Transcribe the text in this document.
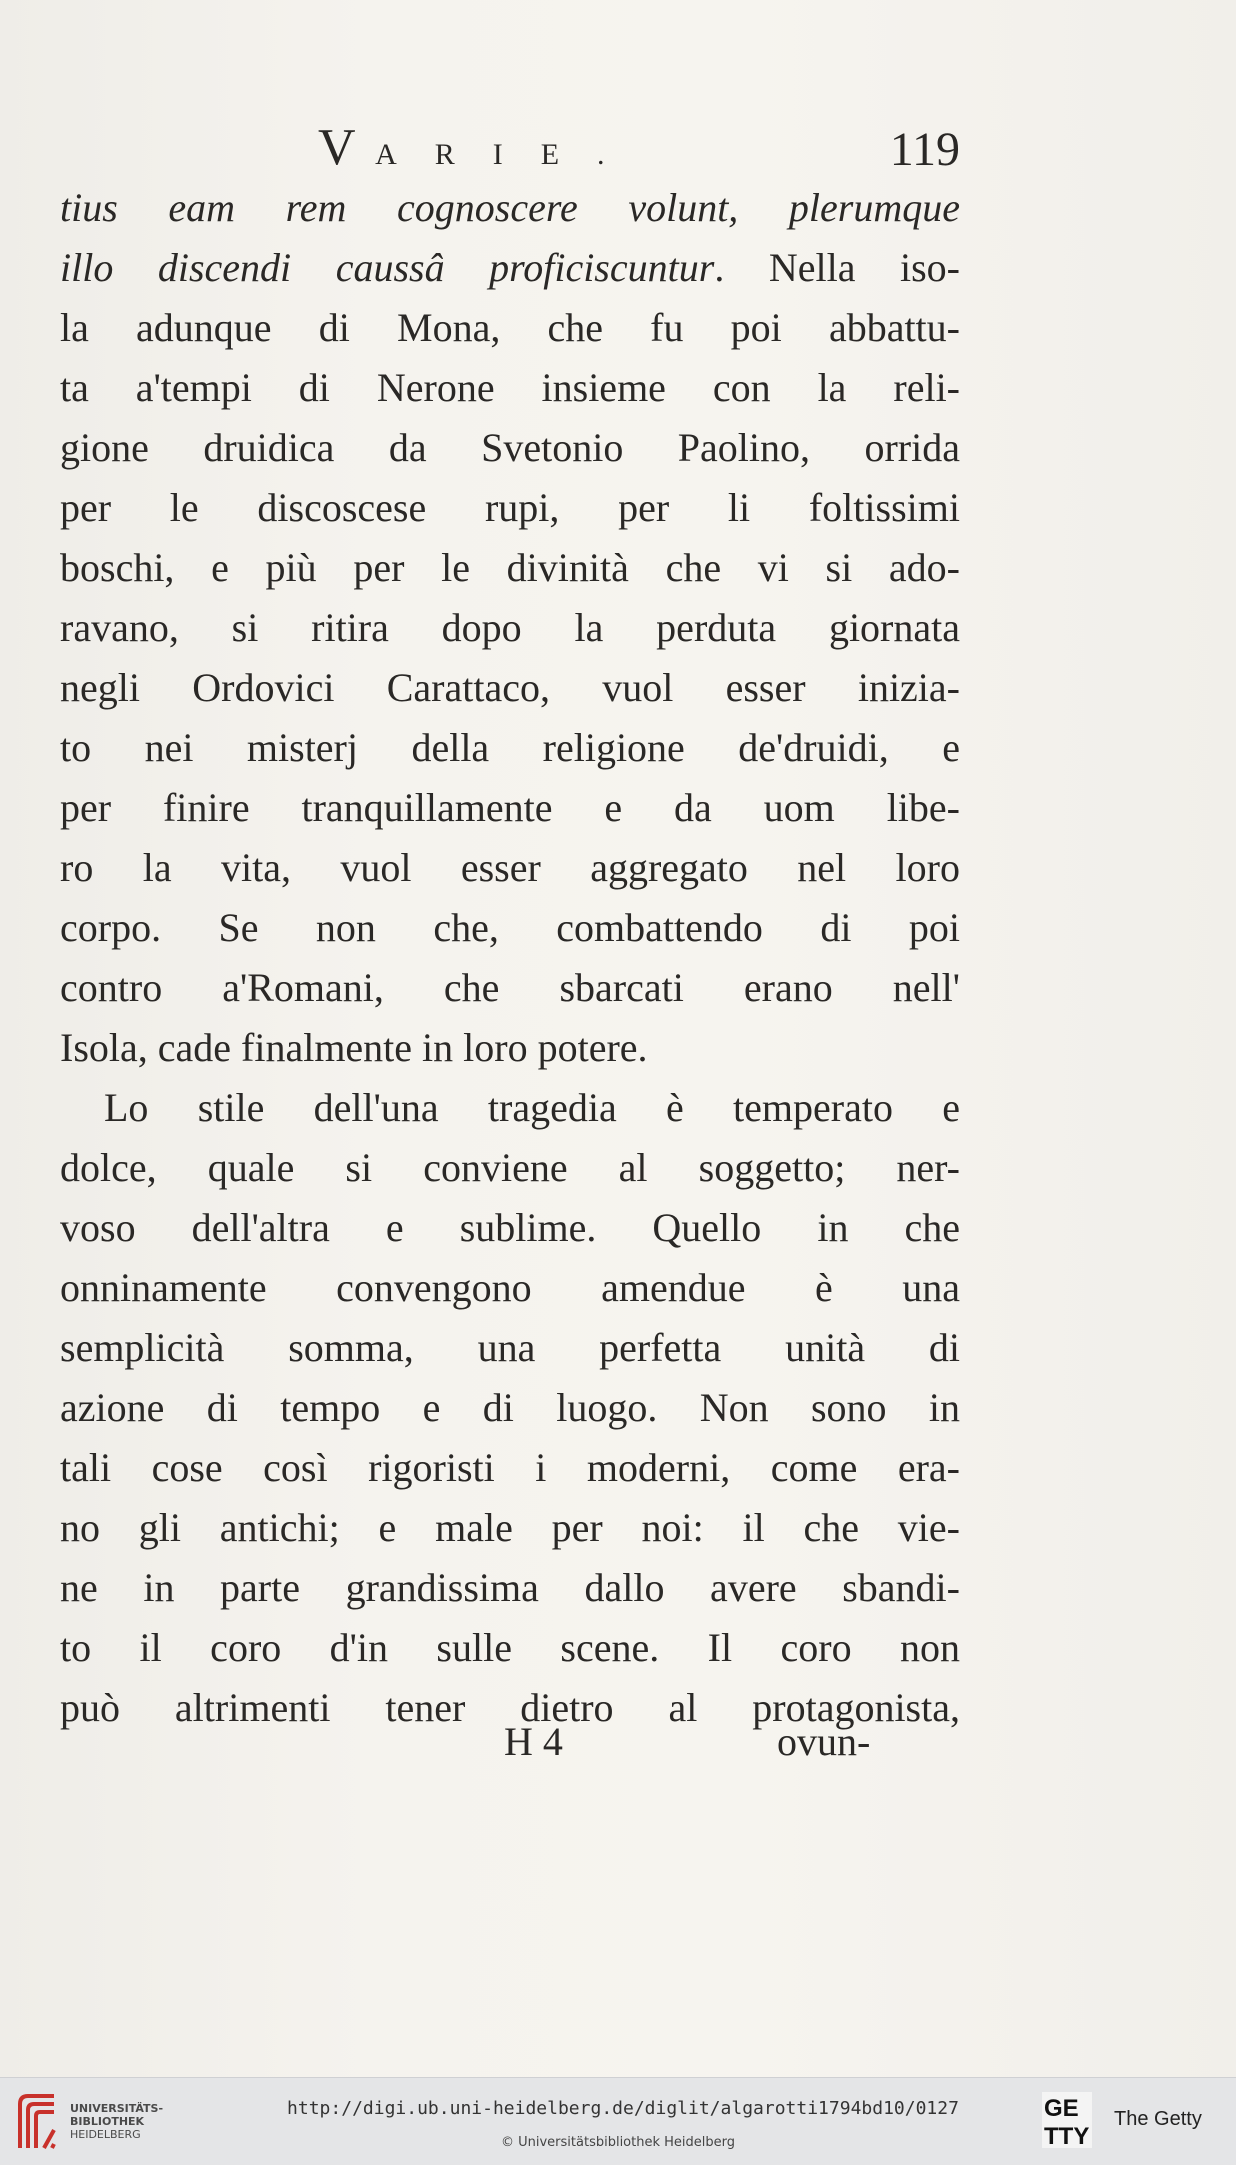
V ARIE.	119
tius eam rem cognoscere volunt, plerumque
illo discendi caussâ proficiscuntur. Nella iso-
la adunque di Mona, che fu poi abbattu-
ta a'tempi di Nerone insieme con la reli-
gione druidica da Svetonio Paolino, orrida
per le discoscese rupi, per li foltissimi
boschi, e più per le divinità che vi si ado-
ravano, si ritira dopo la perduta giornata
negli Ordovici Carattaco, vuol esser inizia-
to nei misterj della religione de'druidi, e
per finire tranquillamente e da uom libe-
ro la vita, vuol esser aggregato nel loro
corpo. Se non che, combattendo di poi
contro a'Romani, che sbarcati erano nell'
Isola, cade finalmente in loro potere.
Lo stile dell'una tragedia è temperato e
dolce, quale si conviene al soggetto; ner-
voso dell'altra e sublime. Quello in che
onninamente convengono amendue è una
semplicità somma, una perfetta unità di
azione di tempo e di luogo. Non sono in
tali cose così rigoristi i moderni, come era-
no gli antichi; e male per noi: il che vie-
ne in parte grandissima dallo avere sbandi-
to il coro d'in sulle scene. Il coro non
può altrimenti tener dietro al protagonista,
H 4	ovun-
UNIVERSITÄTS-
BIBLIOTHEK
HEIDELBERG
http://digi.ub.uni-heidelberg.de/diglit/algarotti1794bd10/0127
© Universitätsbibliothek Heidelberg
GE
TTY
The Getty
